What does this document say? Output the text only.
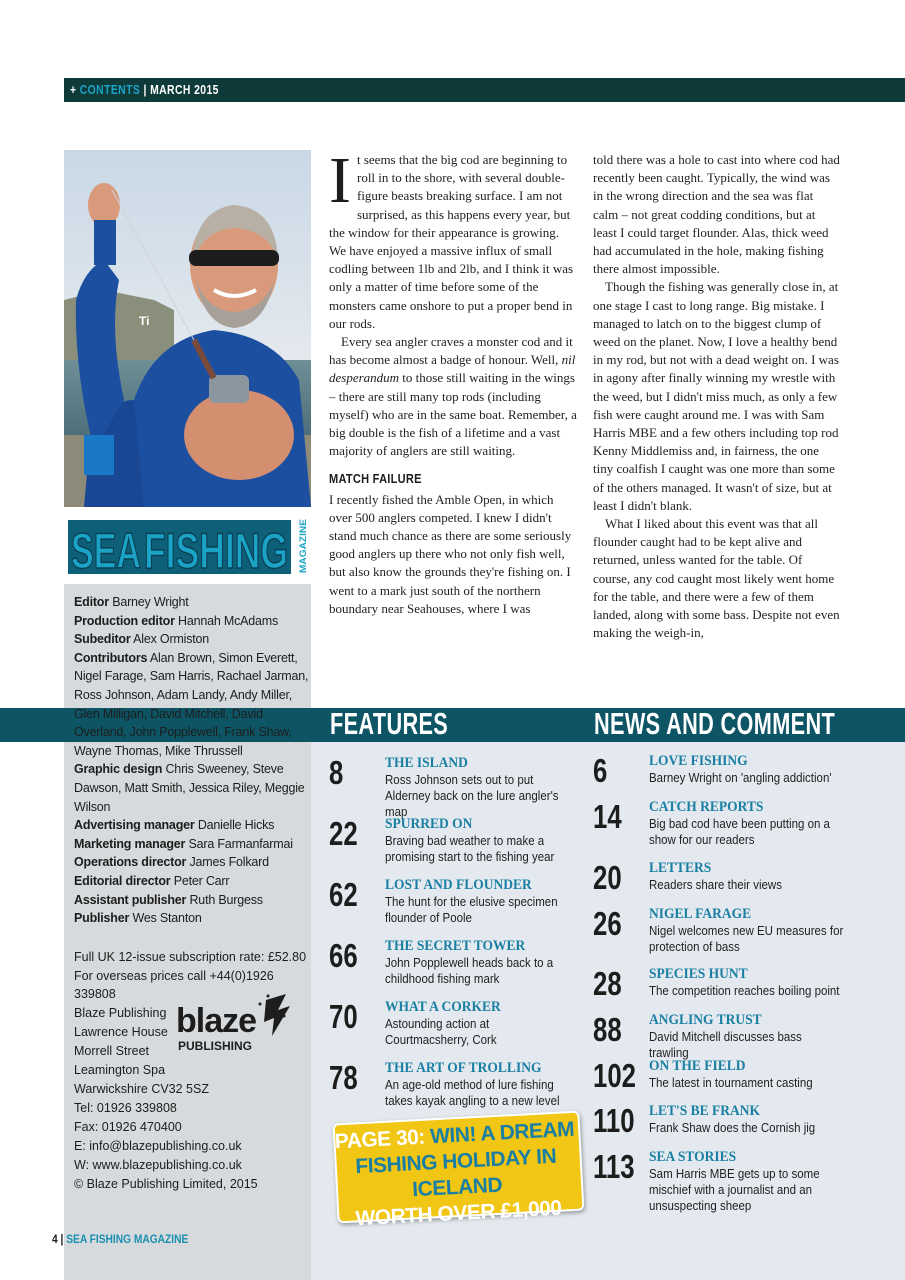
+ CONTENTS | MARCH 2015
Ti
SEA FISHING MAGAZINE

Editor Barney Wright

Production editor Hannah McAdams

Subeditor Alex Ormiston

Contributors Alan Brown, Simon Everett, Nigel Farage, Sam Harris, Rachael Jarman, Ross Johnson, Adam Landy, Andy Miller, Glen Milligan, David Mitchell, David Overland, John Popplewell, Frank Shaw, Wayne Thomas, Mike Thrussell

Graphic design Chris Sweeney, Steve Dawson, Matt Smith, Jessica Riley, Meggie Wilson

Advertising manager Danielle Hicks

Marketing manager Sara Farmanfarmai

Operations director James Folkard

Editorial director Peter Carr

Assistant publisher Ruth Burgess

Publisher Wes Stanton

Full UK 12-issue subscription rate: £52.80

For overseas prices call +44(0)1926 339808

Blaze Publishing

Lawrence House

Morrell Street

Leamington Spa

Warwickshire CV32 5SZ

Tel: 01926 339808

Fax: 01926 470400

E: info@blazepublishing.co.uk

W: www.blazepublishing.co.uk

© Blaze Publishing Limited, 2015

blaze
PUBLISHING
4 | SEA FISHING MAGAZINE

It seems that the big cod are beginning to roll in to the shore, with several double-figure beasts breaking surface. I am not surprised, as this happens every year, but the window for their appearance is growing. We have enjoyed a massive influx of small codling between 1lb and 2lb, and I think it was only a matter of time before some of the monsters came onshore to put a proper bend in our rods.

Every sea angler craves a monster cod and it has become almost a badge of honour. Well, nil desperandum to those still waiting in the wings – there are still many top rods (including myself) who are in the same boat. Remember, a big double is the fish of a lifetime and a vast majority of anglers are still waiting.

MATCH FAILURE

I recently fished the Amble Open, in which over 500 anglers competed. I knew I didn't stand much chance as there are some seriously good anglers up there who not only fish well, but also know the grounds they're fishing on. I went to a mark just south of the northern boundary near Seahouses, where I was

told there was a hole to cast into where cod had recently been caught. Typically, the wind was in the wrong direction and the sea was flat calm – not great codding conditions, but at least I could target flounder. Alas, thick weed had accumulated in the hole, making fishing there almost impossible.

Though the fishing was generally close in, at one stage I cast to long range. Big mistake. I managed to latch on to the biggest clump of weed on the planet. Now, I love a healthy bend in my rod, but not with a dead weight on. I was in agony after finally winning my wrestle with the weed, but I didn't miss much, as only a few fish were caught around me. I was with Sam Harris MBE and a few others including top rod Kenny Middlemiss and, in fairness, the one tiny coalfish I caught was one more than some of the others managed. It wasn't of size, but at least I didn't blank.

What I liked about this event was that all flounder caught had to be kept alive and returned, unless wanted for the table. Of course, any cod caught most likely went home for the table, and there were a few of them landed, along with some bass. Despite not even making the weigh-in,

FEATURES	NEWS AND COMMENT
8	THE ISLAND
Ross Johnson sets out to put Alderney back on the lure angler's map
22 SPURRED ON
Braving bad weather to make a promising start to the fishing year
62 LOST AND FLOUNDER
The hunt for the elusive specimen flounder of Poole
66 THE SECRET TOWER
John Popplewell heads back to a childhood fishing mark
70 WHAT A CORKER
Astounding action at Courtmacsherry, Cork
78 THE ART OF TROLLING
An age-old method of lure fishing takes kayak angling to a new level
6	LOVE FISHING
Barney Wright on 'angling addiction'
14 CATCH REPORTS
Big bad cod have been putting on a show for our readers
20 LETTERS
Readers share their views
26 NIGEL FARAGE
Nigel welcomes new EU measures for protection of bass
28 SPECIES HUNT
The competition reaches boiling point
88 ANGLING TRUST
David Mitchell discusses bass trawling
102 ON THE FIELD
The latest in tournament casting
110 LET'S BE FRANK
Frank Shaw does the Cornish jig
113 SEA STORIES
Sam Harris MBE gets up to some mischief with a journalist and an unsuspecting sheep
PAGE 30: WIN! A DREAM
FISHING HOLIDAY IN ICELAND
WORTH OVER £1,000
